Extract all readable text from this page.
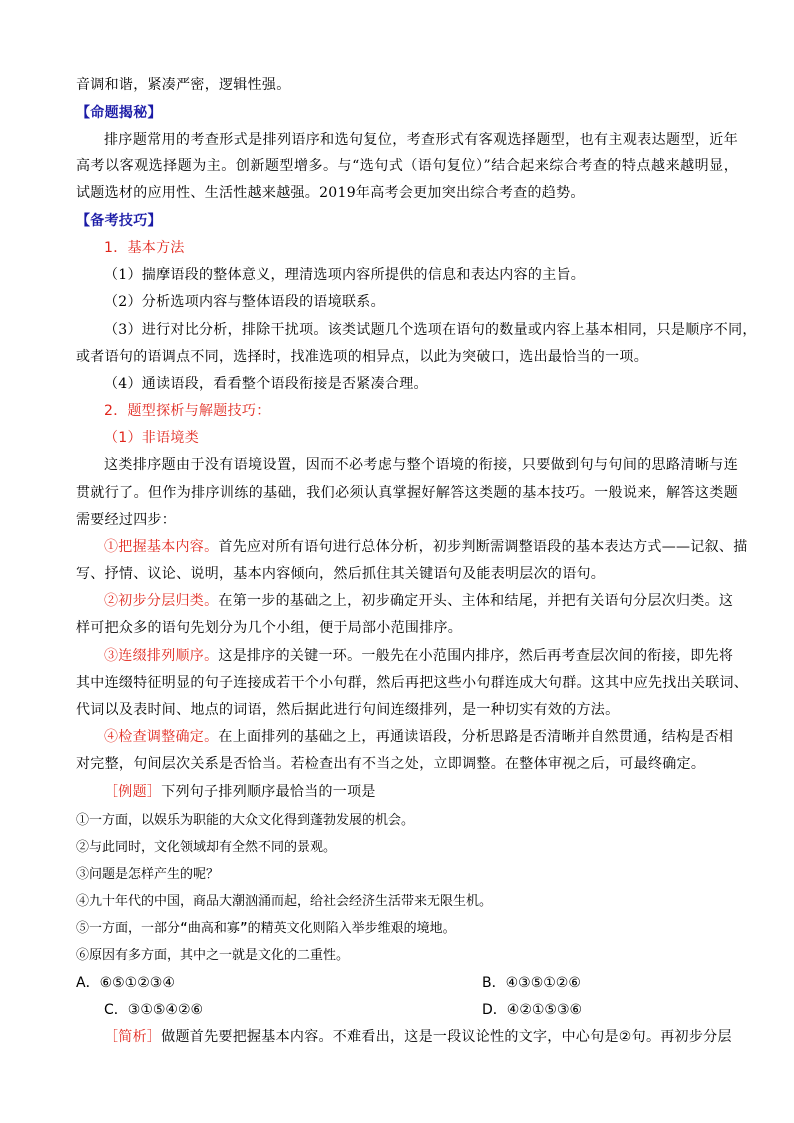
音调和谐，紧凑严密，逻辑性强。
【命题揭秘】
排序题常用的考查形式是排列语序和选句复位，考查形式有客观选择题型，也有主观表达题型，近年
高考以客观选择题为主。创新题型增多。与“选句式（语句复位）”结合起来综合考查的特点越来越明显，
试题选材的应用性、生活性越来越强。2019年高考会更加突出综合考查的趋势。
【备考技巧】
1．基本方法
（1）揣摩语段的整体意义，理清选项内容所提供的信息和表达内容的主旨。
（2）分析选项内容与整体语段的语境联系。
（3）进行对比分析，排除干扰项。该类试题几个选项在语句的数量或内容上基本相同，只是顺序不同，
或者语句的语调点不同，选择时，找准选项的相异点，以此为突破口，选出最恰当的一项。
（4）通读语段，看看整个语段衔接是否紧凑合理。
2．题型探析与解题技巧：
（1）非语境类
这类排序题由于没有语境设置，因而不必考虑与整个语境的衔接，只要做到句与句间的思路清晰与连
贯就行了。但作为排序训练的基础，我们必须认真掌握好解答这类题的基本技巧。一般说来，解答这类题
需要经过四步：
①把握基本内容。首先应对所有语句进行总体分析，初步判断需调整语段的基本表达方式——记叙、描
写、抒情、议论、说明，基本内容倾向，然后抓住其关键语句及能表明层次的语句。
②初步分层归类。在第一步的基础之上，初步确定开头、主体和结尾，并把有关语句分层次归类。这
样可把众多的语句先划分为几个小组，便于局部小范围排序。
③连缀排列顺序。这是排序的关键一环。一般先在小范围内排序，然后再考查层次间的衔接，即先将
其中连缀特征明显的句子连接成若干个小句群，然后再把这些小句群连成大句群。这其中应先找出关联词、
代词以及表时间、地点的词语，然后据此进行句间连缀排列，是一种切实有效的方法。
④检查调整确定。在上面排列的基础之上，再通读语段，分析思路是否清晰并自然贯通，结构是否相
对完整，句间层次关系是否恰当。若检查出有不当之处，立即调整。在整体审视之后，可最终确定。
［例题］下列句子排列顺序最恰当的一项是
①一方面，以娱乐为职能的大众文化得到蓬勃发展的机会。
②与此同时，文化领域却有全然不同的景观。
③问题是怎样产生的呢？
④九十年代的中国，商品大潮汹涌而起，给社会经济生活带来无限生机。
⑤一方面，一部分“曲高和寡”的精英文化则陷入举步维艰的境地。
⑥原因有多方面，其中之一就是文化的二重性。
A．⑥⑤①②③④	B．④③⑤①②⑥
C．③①⑤④②⑥	D．④②①⑤③⑥
［简析］做题首先要把握基本内容。不难看出，这是一段议论性的文字，中心句是②句。再初步分层
